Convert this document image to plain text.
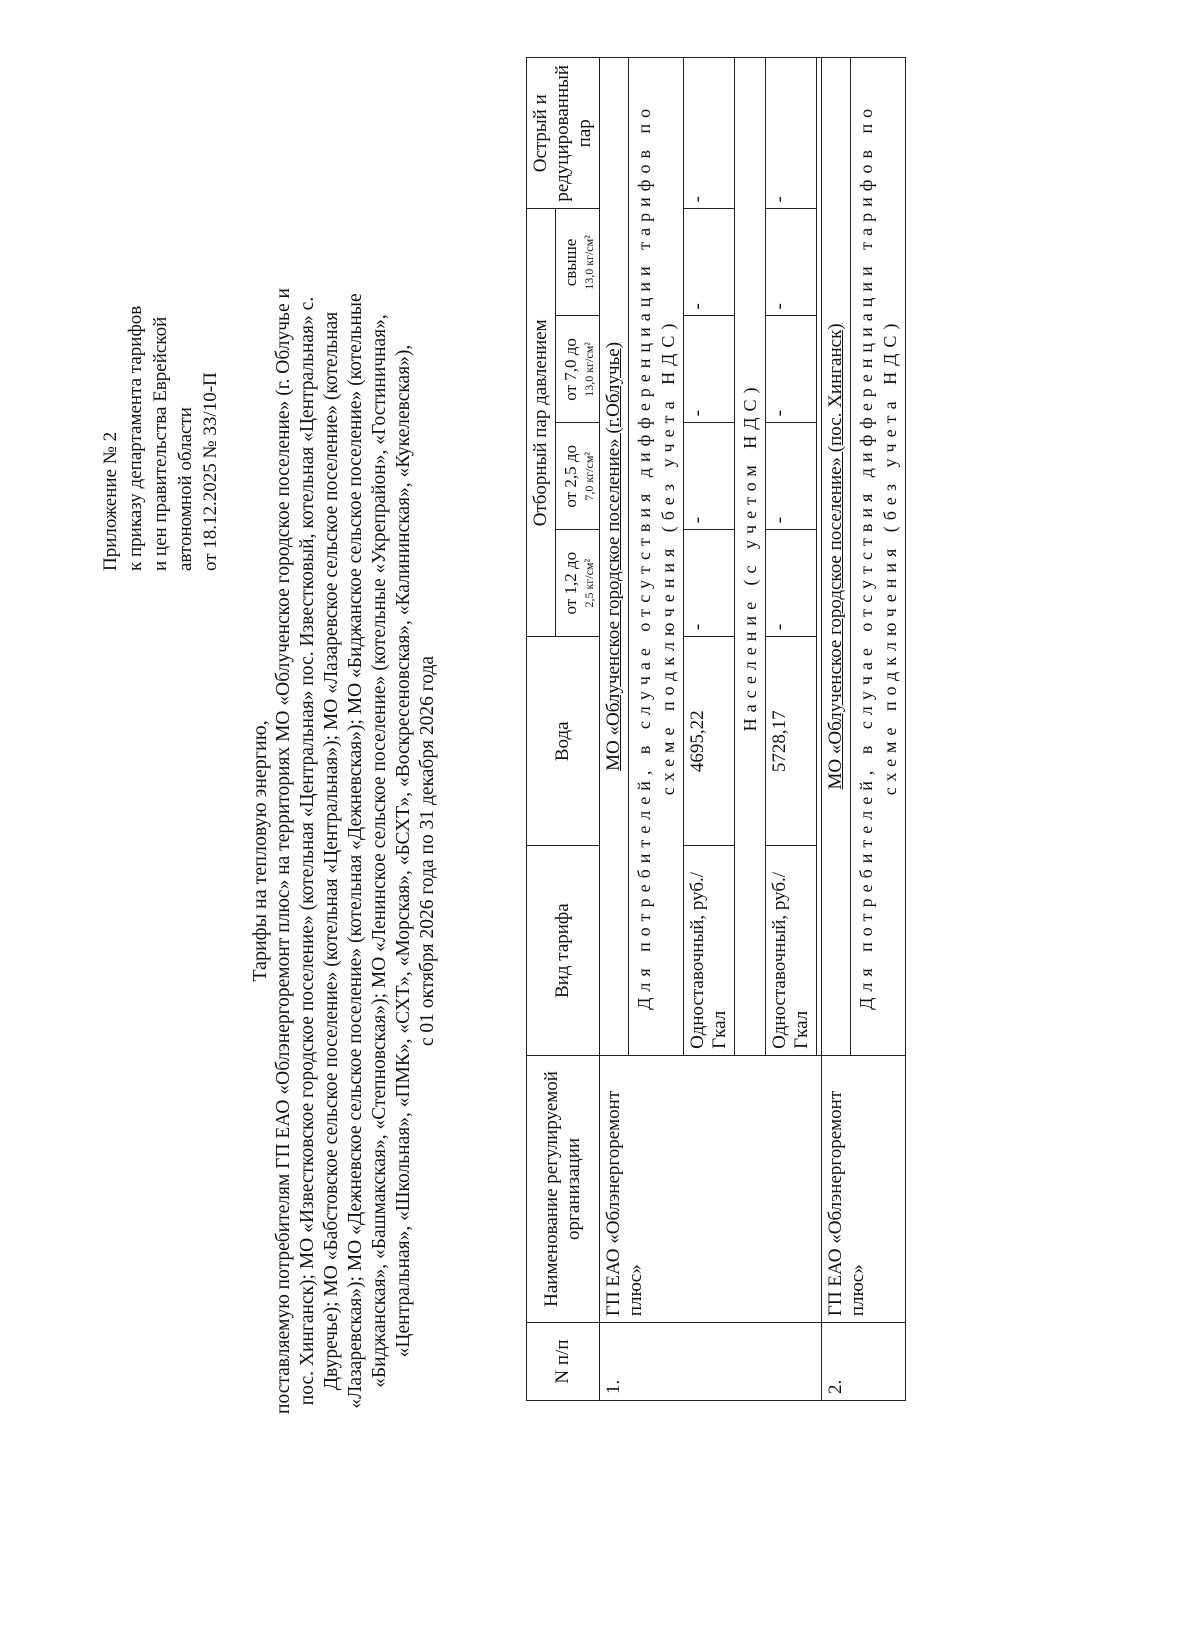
Приложение № 2 к приказу департамента тарифов и цен правительства Еврейской автономной области от 18.12.2025 № 33/10-П
Тарифы на тепловую энергию, поставляемую потребителям ГП ЕАО «Облэнергоремонт плюс» на территориях МО «Облученское городское поселение» (г. Облучье и пос. Хинганск); МО «Известковское городское поселение» (котельная «Центральная» пос. Известковый, котельная «Центральная» с. Двуречье); МО «Бабстовское сельское поселение» (котельная «Центральная»); МО «Лазаревское сельское поселение» (котельная «Лазаревская»); МО «Дежневское сельское поселение» (котельная «Дежневская»); МО «Биджанское сельское поселение» (котельные «Биджанская», «Башмакская», «Степновская»); МО «Ленинское сельское поселение» (котельные «Укрепрайон», «Гостиничная», «Центральная», «Школьная», «ПМК», «СХТ», «Морская», «БСХТ», «Воскресеновская», «Калининская», «Кукелевская»), с 01 октября 2026 года по 31 декабря 2026 года
N п/п	Наименование регулируемой организации	Вид тарифа	Вода	Отборный пар давлением				Острый и редуцированный пар
				от 1,2 до 2,5 кг/см²	от 2,5 до 7,0 кг/см²	от 7,0 до 13,0 кг/см²	свыше 13,0 кг/см²	

1.	ГП ЕАО «Облэнергоремонт плюс»	МО «Облученское городское поселение» (г.Облучье)						
		Для потребителей, в случае отсутствия дифференциации тарифов по схеме подключения (без учета НДС)						
		Одноставочный, руб./Гкал	4695,22	-	-	-	-	-
		Население (с учетом НДС)						
		Одноставочный, руб./Гкал	5728,17	-	-	-	-	-

2.	ГП ЕАО «Облэнергоремонт плюс»	МО «Облученское городское поселение» (пос. Хинганск)						
		Для потребителей, в случае отсутствия дифференциации тарифов по схеме подключения (без учета НДС)						
